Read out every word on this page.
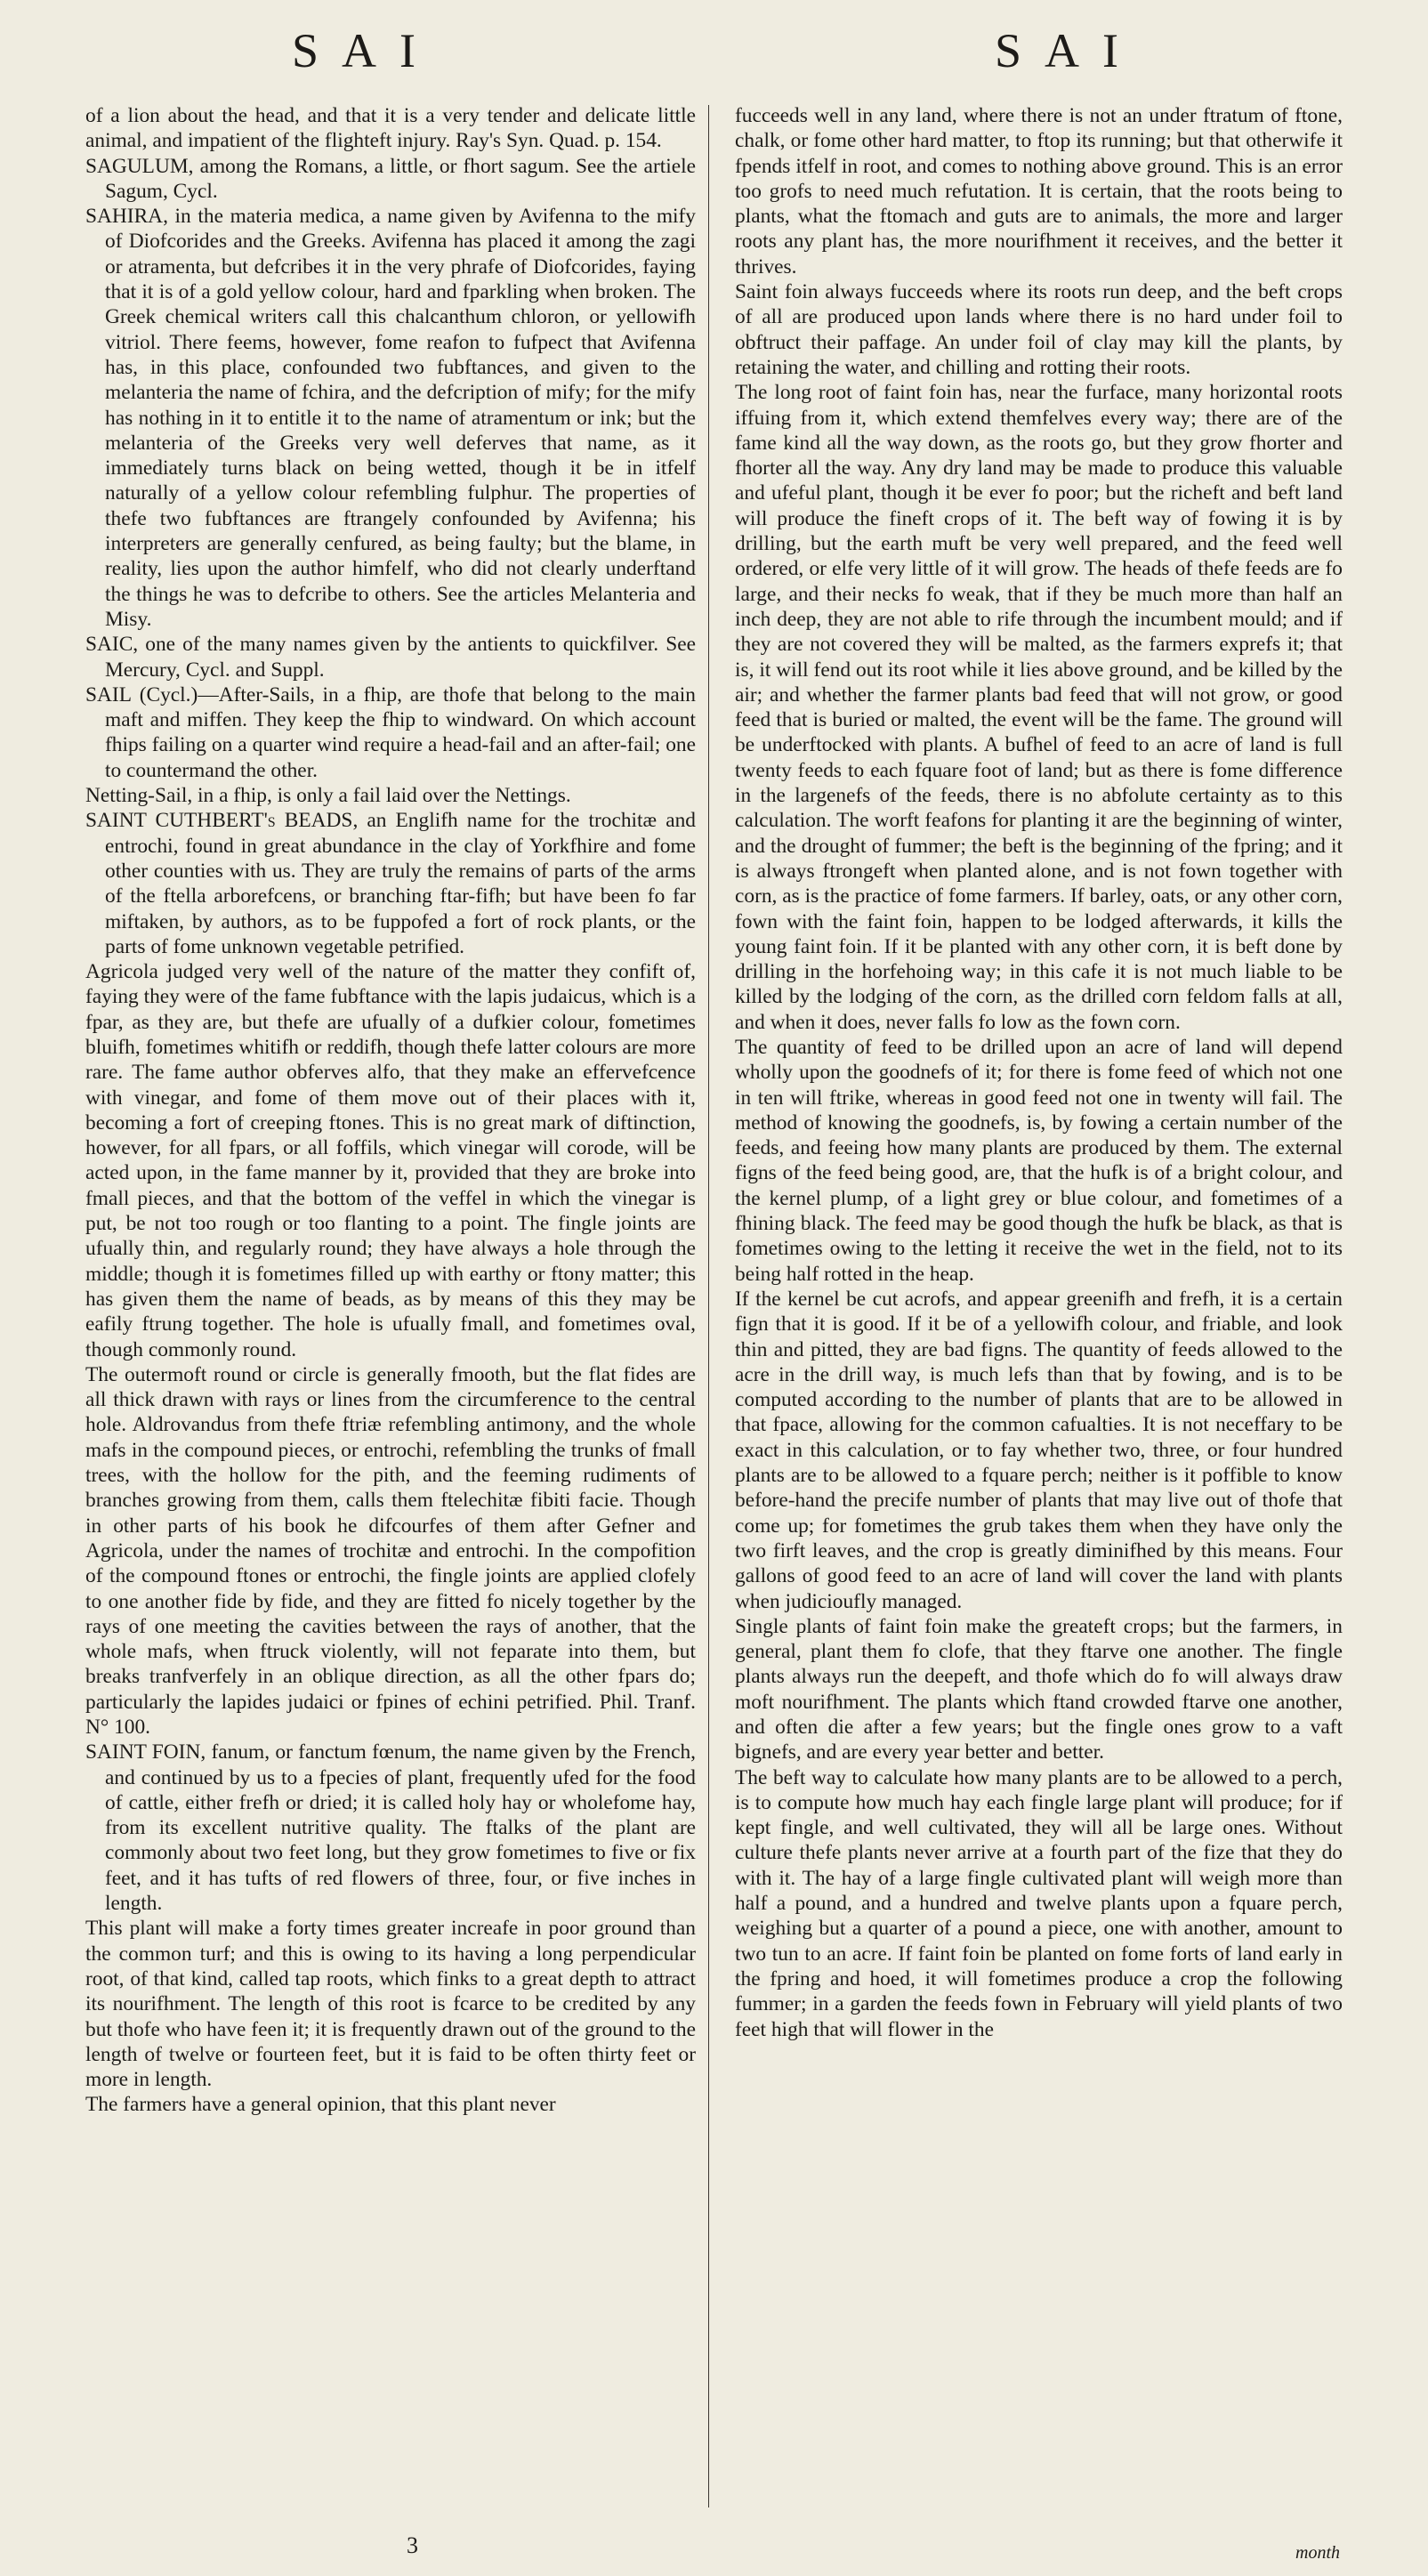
SAI	SAI

of a lion about the head, and that it is a very tender and delicate little animal, and impatient of the flighteft injury. Ray's Syn. Quad. p. 154.

SAGULUM, among the Romans, a little, or fhort sagum. See the artiele Sagum, Cycl.

SAHIRA, in the materia medica, a name given by Avifenna to the mify of Diofcorides and the Greeks. Avifenna has placed it among the zagi or atramenta, but defcribes it in the very phrafe of Diofcorides, faying that it is of a gold yellow colour, hard and fparkling when broken. The Greek chemical writers call this chalcanthum chloron, or yellowifh vitriol. There feems, however, fome reafon to fufpect that Avifenna has, in this place, confounded two fubftances, and given to the melanteria the name of fchira, and the defcription of mify; for the mify has nothing in it to entitle it to the name of atramentum or ink; but the melanteria of the Greeks very well deferves that name, as it immediately turns black on being wetted, though it be in itfelf naturally of a yellow colour refembling fulphur. The properties of thefe two fubftances are ftrangely confounded by Avifenna; his interpreters are generally cenfured, as being faulty; but the blame, in reality, lies upon the author himfelf, who did not clearly underftand the things he was to defcribe to others. See the articles Melanteria and Misy.

SAIC, one of the many names given by the antients to quickfilver. See Mercury, Cycl. and Suppl.

SAIL (Cycl.)—After-Sails, in a fhip, are thofe that belong to the main maft and miffen. They keep the fhip to windward. On which account fhips failing on a quarter wind require a head-fail and an after-fail; one to countermand the other.

Netting-Sail, in a fhip, is only a fail laid over the Nettings.

SAINT CUTHBERT's BEADS, an Englifh name for the trochitæ and entrochi, found in great abundance in the clay of Yorkfhire and fome other counties with us. They are truly the remains of parts of the arms of the ftella arborefcens, or branching ftar-fifh; but have been fo far miftaken, by authors, as to be fuppofed a fort of rock plants, or the parts of fome unknown vegetable petrified.

Agricola judged very well of the nature of the matter they confift of, faying they were of the fame fubftance with the lapis judaicus, which is a fpar, as they are, but thefe are ufually of a dufkier colour, fometimes bluifh, fometimes whitifh or reddifh, though thefe latter colours are more rare. The fame author obferves alfo, that they make an effervefcence with vinegar, and fome of them move out of their places with it, becoming a fort of creeping ftones. This is no great mark of diftinction, however, for all fpars, or all foffils, which vinegar will corode, will be acted upon, in the fame manner by it, provided that they are broke into fmall pieces, and that the bottom of the veffel in which the vinegar is put, be not too rough or too flanting to a point. The fingle joints are ufually thin, and regularly round; they have always a hole through the middle; though it is fometimes filled up with earthy or ftony matter; this has given them the name of beads, as by means of this they may be eafily ftrung together. The hole is ufually fmall, and fometimes oval, though commonly round.

The outermoft round or circle is generally fmooth, but the flat fides are all thick drawn with rays or lines from the circumference to the central hole. Aldrovandus from thefe ftriæ refembling antimony, and the whole mafs in the compound pieces, or entrochi, refembling the trunks of fmall trees, with the hollow for the pith, and the feeming rudiments of branches growing from them, calls them ftelechitæ fibiti facie. Though in other parts of his book he difcourfes of them after Gefner and Agricola, under the names of trochitæ and entrochi. In the compofition of the compound ftones or entrochi, the fingle joints are applied clofely to one another fide by fide, and they are fitted fo nicely together by the rays of one meeting the cavities between the rays of another, that the whole mafs, when ftruck violently, will not feparate into them, but breaks tranfverfely in an oblique direction, as all the other fpars do; particularly the lapides judaici or fpines of echini petrified. Phil. Tranf. N° 100.

SAINT FOIN, fanum, or fanctum fœnum, the name given by the French, and continued by us to a fpecies of plant, frequently ufed for the food of cattle, either frefh or dried; it is called holy hay or wholefome hay, from its excellent nutritive quality. The ftalks of the plant are commonly about two feet long, but they grow fometimes to five or fix feet, and it has tufts of red flowers of three, four, or five inches in length.

This plant will make a forty times greater increafe in poor ground than the common turf; and this is owing to its having a long perpendicular root, of that kind, called tap roots, which finks to a great depth to attract its nourifhment. The length of this root is fcarce to be credited by any but thofe who have feen it; it is frequently drawn out of the ground to the length of twelve or fourteen feet, but it is faid to be often thirty feet or more in length.

The farmers have a general opinion, that this plant never

fucceeds well in any land, where there is not an under ftratum of ftone, chalk, or fome other hard matter, to ftop its running; but that otherwife it fpends itfelf in root, and comes to nothing above ground. This is an error too grofs to need much refutation. It is certain, that the roots being to plants, what the ftomach and guts are to animals, the more and larger roots any plant has, the more nourifhment it receives, and the better it thrives.

Saint foin always fucceeds where its roots run deep, and the beft crops of all are produced upon lands where there is no hard under foil to obftruct their paffage. An under foil of clay may kill the plants, by retaining the water, and chilling and rotting their roots.

The long root of faint foin has, near the furface, many horizontal roots iffuing from it, which extend themfelves every way; there are of the fame kind all the way down, as the roots go, but they grow fhorter and fhorter all the way. Any dry land may be made to produce this valuable and ufeful plant, though it be ever fo poor; but the richeft and beft land will produce the fineft crops of it. The beft way of fowing it is by drilling, but the earth muft be very well prepared, and the feed well ordered, or elfe very little of it will grow. The heads of thefe feeds are fo large, and their necks fo weak, that if they be much more than half an inch deep, they are not able to rife through the incumbent mould; and if they are not covered they will be malted, as the farmers exprefs it; that is, it will fend out its root while it lies above ground, and be killed by the air; and whether the farmer plants bad feed that will not grow, or good feed that is buried or malted, the event will be the fame. The ground will be underftocked with plants. A bufhel of feed to an acre of land is full twenty feeds to each fquare foot of land; but as there is fome difference in the largenefs of the feeds, there is no abfolute certainty as to this calculation. The worft feafons for planting it are the beginning of winter, and the drought of fummer; the beft is the beginning of the fpring; and it is always ftrongeft when planted alone, and is not fown together with corn, as is the practice of fome farmers. If barley, oats, or any other corn, fown with the faint foin, happen to be lodged afterwards, it kills the young faint foin. If it be planted with any other corn, it is beft done by drilling in the horfehoing way; in this cafe it is not much liable to be killed by the lodging of the corn, as the drilled corn feldom falls at all, and when it does, never falls fo low as the fown corn.

The quantity of feed to be drilled upon an acre of land will depend wholly upon the goodnefs of it; for there is fome feed of which not one in ten will ftrike, whereas in good feed not one in twenty will fail. The method of knowing the goodnefs, is, by fowing a certain number of the feeds, and feeing how many plants are produced by them. The external figns of the feed being good, are, that the hufk is of a bright colour, and the kernel plump, of a light grey or blue colour, and fometimes of a fhining black. The feed may be good though the hufk be black, as that is fometimes owing to the letting it receive the wet in the field, not to its being half rotted in the heap.

If the kernel be cut acrofs, and appear greenifh and frefh, it is a certain fign that it is good. If it be of a yellowifh colour, and friable, and look thin and pitted, they are bad figns. The quantity of feeds allowed to the acre in the drill way, is much lefs than that by fowing, and is to be computed according to the number of plants that are to be allowed in that fpace, allowing for the common cafualties. It is not neceffary to be exact in this calculation, or to fay whether two, three, or four hundred plants are to be allowed to a fquare perch; neither is it poffible to know before-hand the precife number of plants that may live out of thofe that come up; for fometimes the grub takes them when they have only the two firft leaves, and the crop is greatly diminifhed by this means. Four gallons of good feed to an acre of land will cover the land with plants when judicioufly managed.

Single plants of faint foin make the greateft crops; but the farmers, in general, plant them fo clofe, that they ftarve one another. The fingle plants always run the deepeft, and thofe which do fo will always draw moft nourifhment. The plants which ftand crowded ftarve one another, and often die after a few years; but the fingle ones grow to a vaft bignefs, and are every year better and better.

The beft way to calculate how many plants are to be allowed to a perch, is to compute how much hay each fingle large plant will produce; for if kept fingle, and well cultivated, they will all be large ones. Without culture thefe plants never arrive at a fourth part of the fize that they do with it. The hay of a large fingle cultivated plant will weigh more than half a pound, and a hundred and twelve plants upon a fquare perch, weighing but a quarter of a pound a piece, one with another, amount to two tun to an acre. If faint foin be planted on fome forts of land early in the fpring and hoed, it will fometimes produce a crop the following fummer; in a garden the feeds fown in February will yield plants of two feet high that will flower in the

3	month
